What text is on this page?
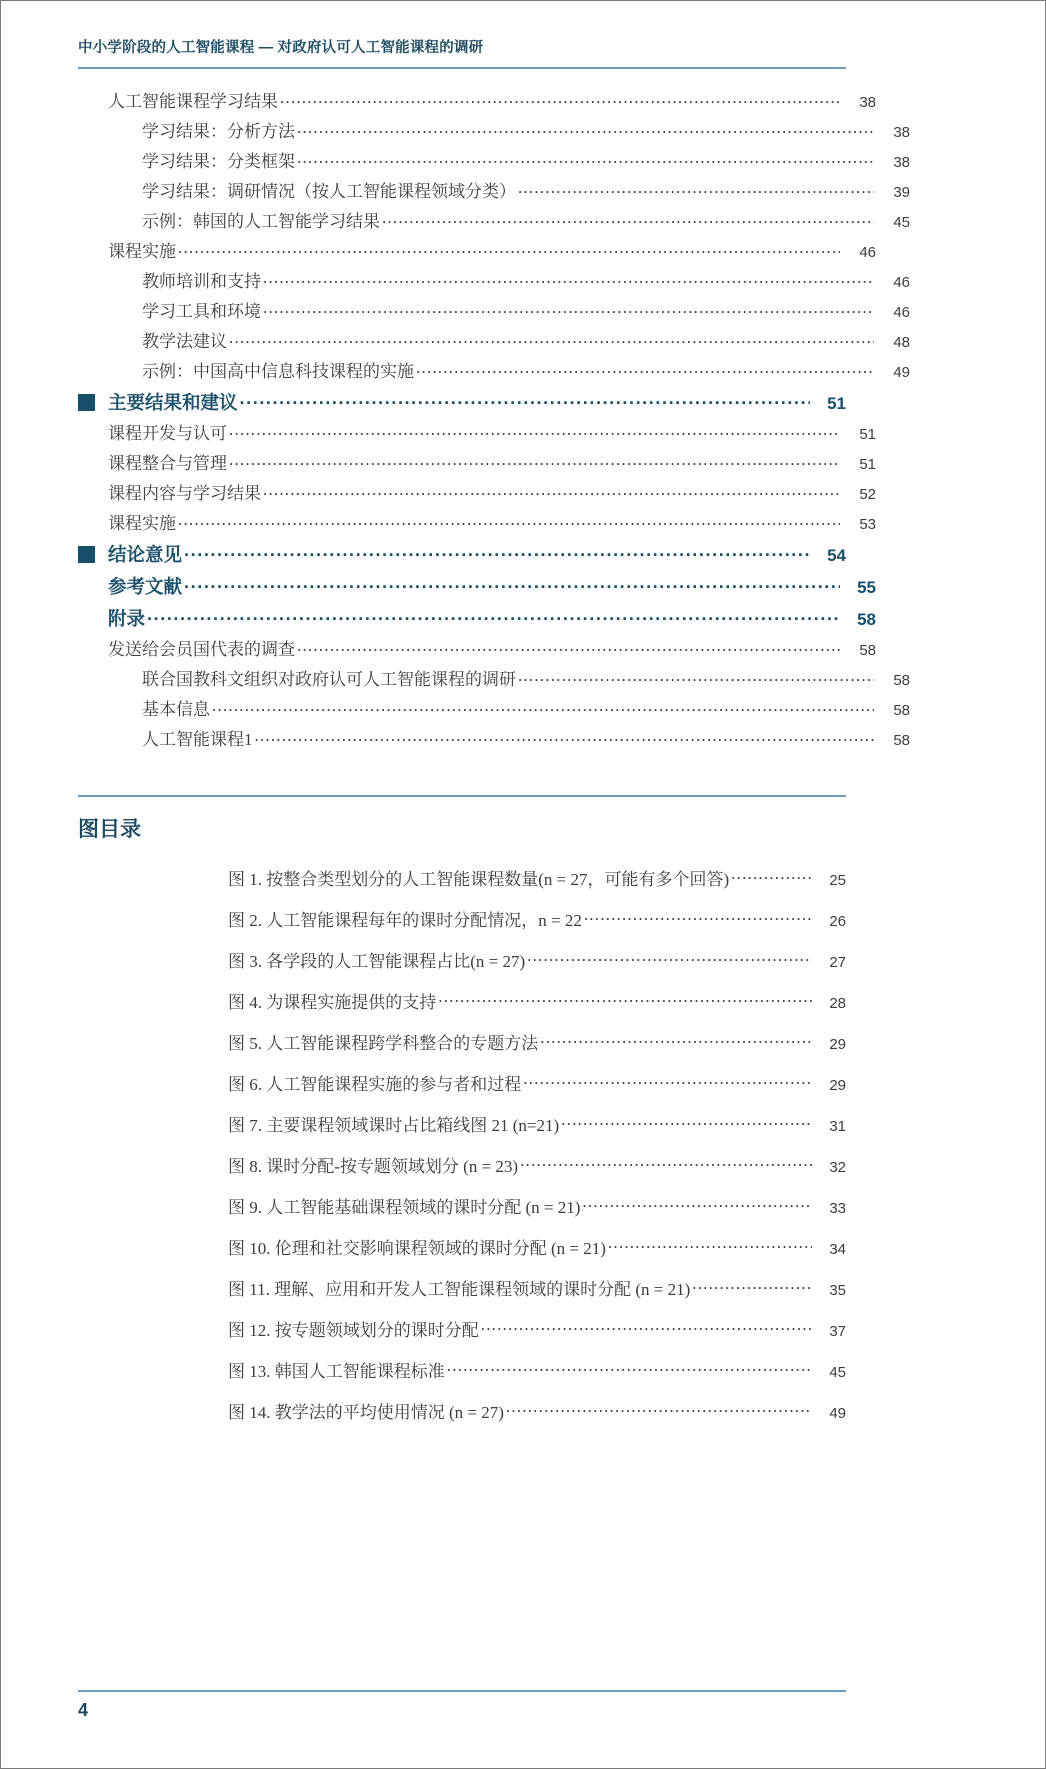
中小学阶段的人工智能课程 — 对政府认可人工智能课程的调研
人工智能课程学习结果 .....	38
学习结果：分析方法 .....	38
学习结果：分类框架 .....	38
学习结果：调研情况（按人工智能课程领域分类） .....	39
示例：韩国的人工智能学习结果 .....	45
课程实施 .....	46
教师培训和支持 .....	46
学习工具和环境 .....	46
教学法建议 .....	48
示例：中国高中信息科技课程的实施 .....	49
主要结果和建议 .....	51
课程开发与认可 .....	51
课程整合与管理 .....	51
课程内容与学习结果 .....	52
课程实施 .....	53
结论意见 .....	54
参考文献 .....	55
附录 .....	58
发送给会员国代表的调查 .....	58
联合国教科文组织对政府认可人工智能课程的调研 .....	58
基本信息 .....	58
人工智能课程1 .....	58
图目录
图 1. 按整合类型划分的人工智能课程数量(n = 27，可能有多个回答) .....	25
图 2. 人工智能课程每年的课时分配情况，n = 22 .....	26
图 3. 各学段的人工智能课程占比(n = 27) .....	27
图 4. 为课程实施提供的支持 .....	28
图 5. 人工智能课程跨学科整合的专题方法 .....	29
图 6. 人工智能课程实施的参与者和过程 .....	29
图 7. 主要课程领域课时占比箱线图 21 (n=21) .....	31
图 8. 课时分配-按专题领域划分 (n = 23) .....	32
图 9. 人工智能基础课程领域的课时分配 (n = 21) .....	33
图 10. 伦理和社交影响课程领域的课时分配 (n = 21) .....	34
图 11. 理解、应用和开发人工智能课程领域的课时分配 (n = 21) .....	35
图 12. 按专题领域划分的课时分配 .....	37
图 13. 韩国人工智能课程标准 .....	45
图 14. 教学法的平均使用情况 (n = 27) .....	49
4
